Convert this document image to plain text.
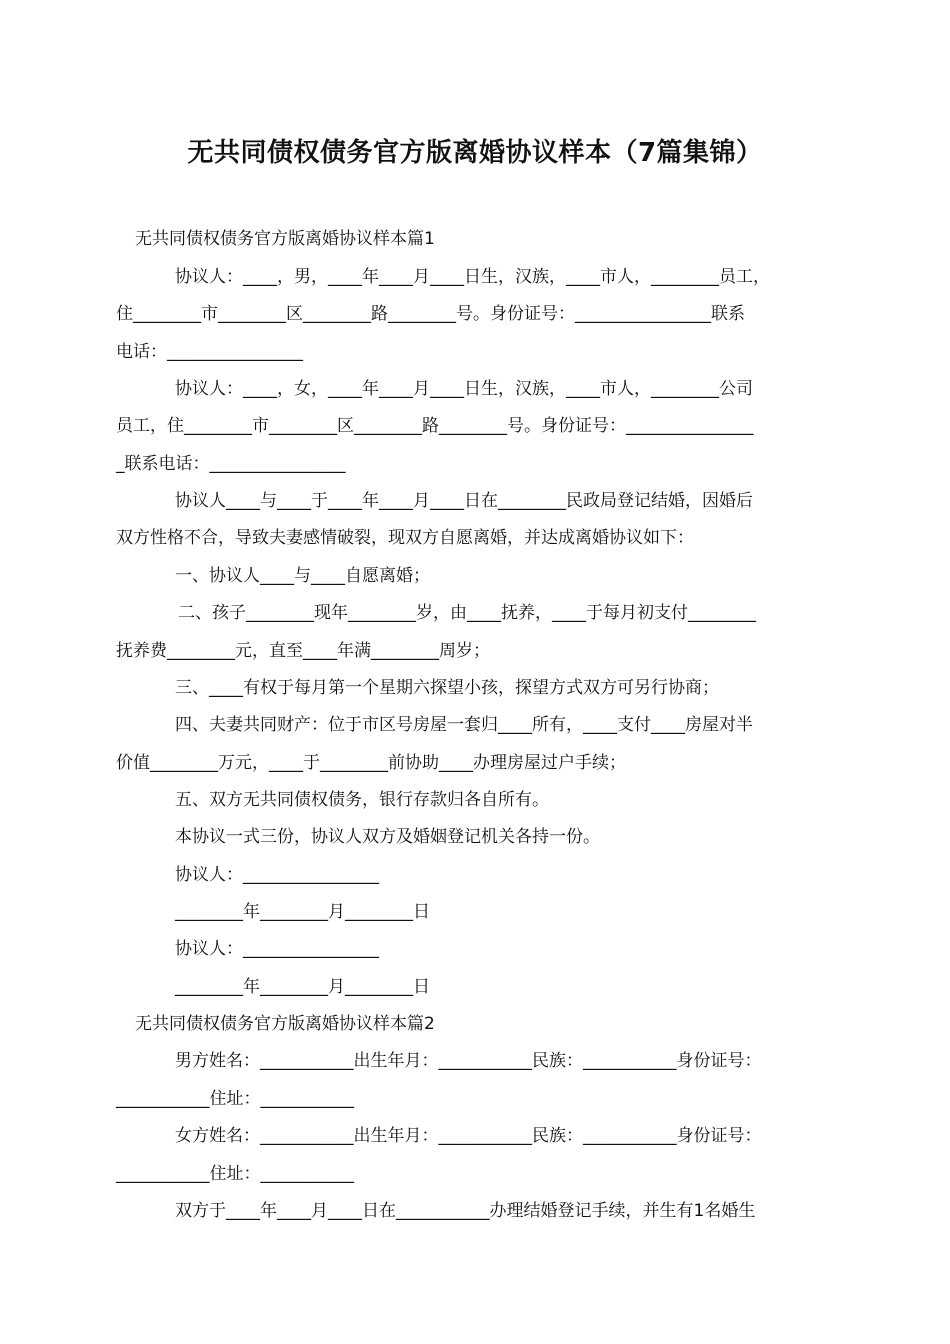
无共同债权债务官方版离婚协议样本（7篇集锦）
无共同债权债务官方版离婚协议样本篇1
协议人：____，男，____年____月____日生，汉族，____市人，________员工，
住________市________区________路________号。身份证号：________________联系
电话：________________
协议人：____，女，____年____月____日生，汉族，____市人，________公司
员工，住________市________区________路________号。身份证号：_______________
_联系电话：________________
协议人____与____于____年____月____日在________民政局登记结婚，因婚后
双方性格不合，导致夫妻感情破裂，现双方自愿离婚，并达成离婚协议如下：
一、协议人____与____自愿离婚；
二、孩子________现年________岁，由____抚养，____于每月初支付________
抚养费________元，直至____年满________周岁；
三、____有权于每月第一个星期六探望小孩，探望方式双方可另行协商；
四、夫妻共同财产：位于市区号房屋一套归____所有，____支付____房屋对半
价值________万元，____于________前协助____办理房屋过户手续；
五、双方无共同债权债务，银行存款归各自所有。
本协议一式三份，协议人双方及婚姻登记机关各持一份。
协议人：________________
________年________月________日
协议人：________________
________年________月________日
无共同债权债务官方版离婚协议样本篇2
男方姓名：___________出生年月：___________民族：___________身份证号：
___________住址：___________
女方姓名：___________出生年月：___________民族：___________身份证号：
___________住址：___________
双方于____年____月____日在___________办理结婚登记手续，并生有1名婚生
